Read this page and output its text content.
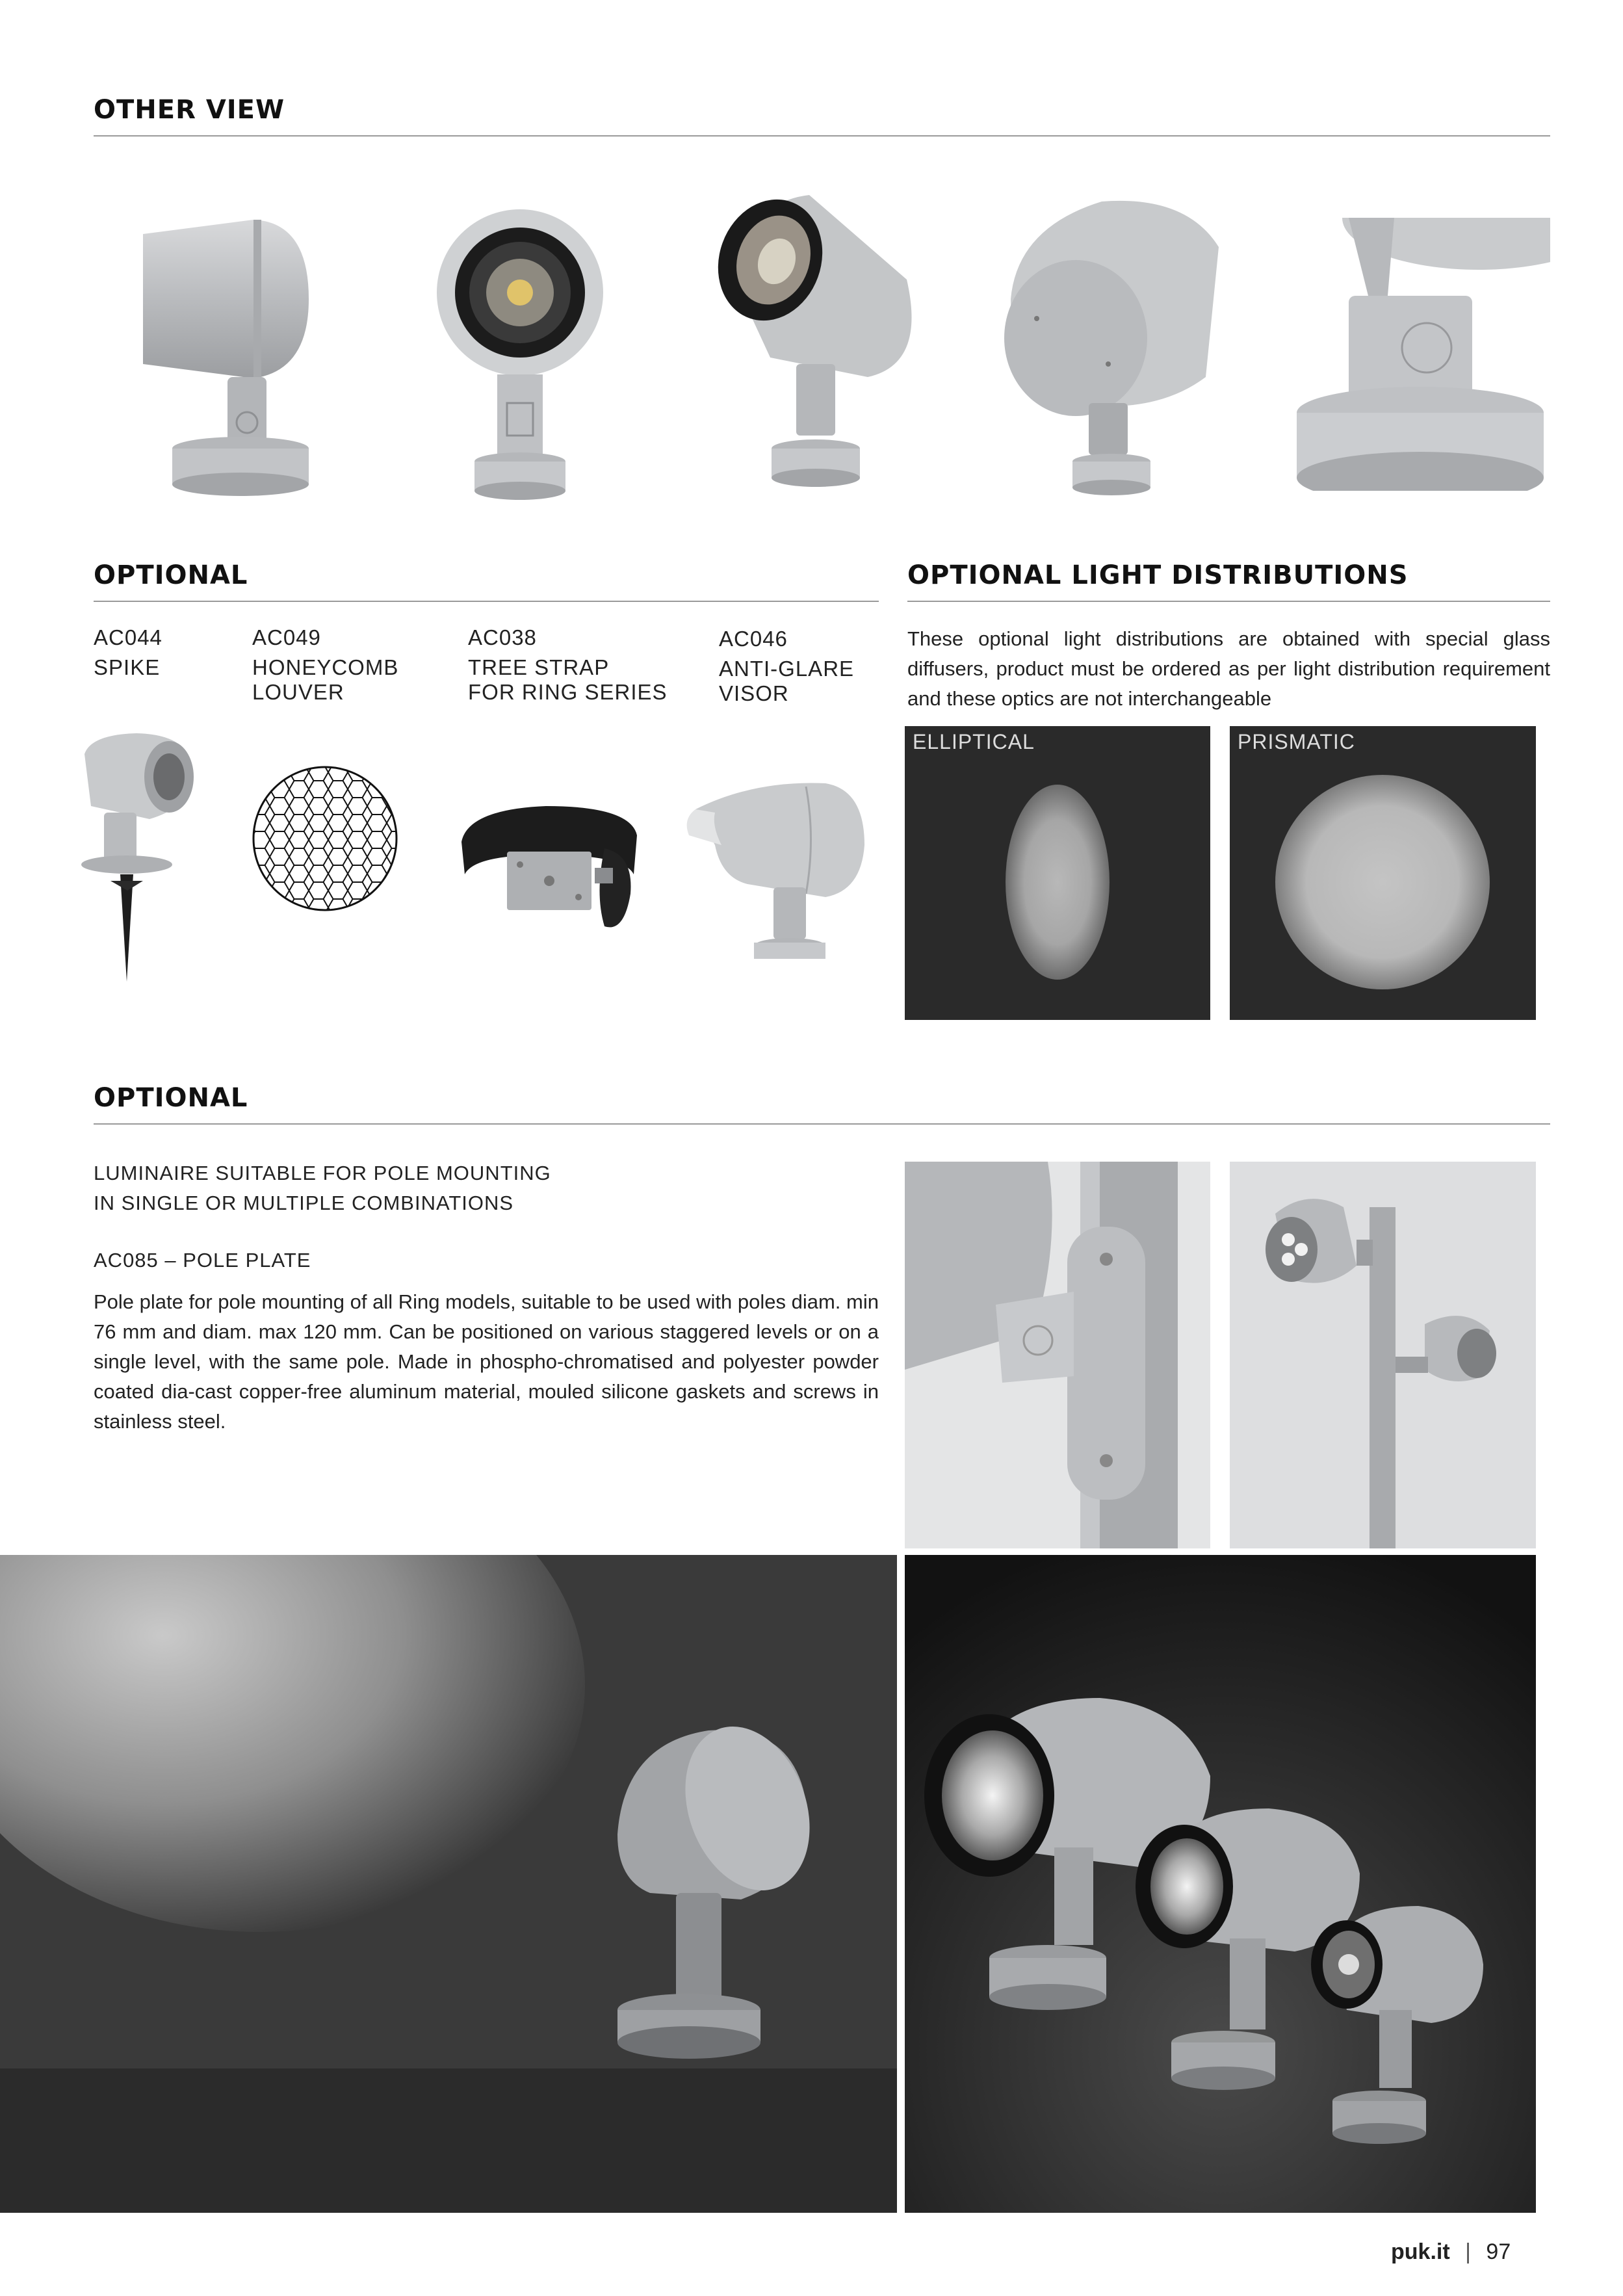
OTHER VIEW
OPTIONAL
AC044
SPIKE
AC049
HONEYCOMB
LOUVER
AC038
TREE STRAP
FOR RING SERIES
AC046
ANTI-GLARE
VISOR
OPTIONAL LIGHT DISTRIBUTIONS
These optional light distributions are obtained with special glass diffusers, product must be ordered as per light distribution requirement and these optics are not interchangeable
ELLIPTICAL	PRISMATIC
OPTIONAL
LUMINAIRE SUITABLE FOR POLE MOUNTING
IN SINGLE OR MULTIPLE COMBINATIONS
AC085 – POLE PLATE
Pole plate for pole mounting of all Ring models, suitable to be used with poles diam. min 76 mm and diam. max 120 mm. Can be positioned on various staggered levels or on a single level, with the same pole. Made in phospho-chromatised and polyester powder coated dia-cast copper-free aluminum material, mouled silicone gaskets and screws in stainless steel.
puk.it | 97
